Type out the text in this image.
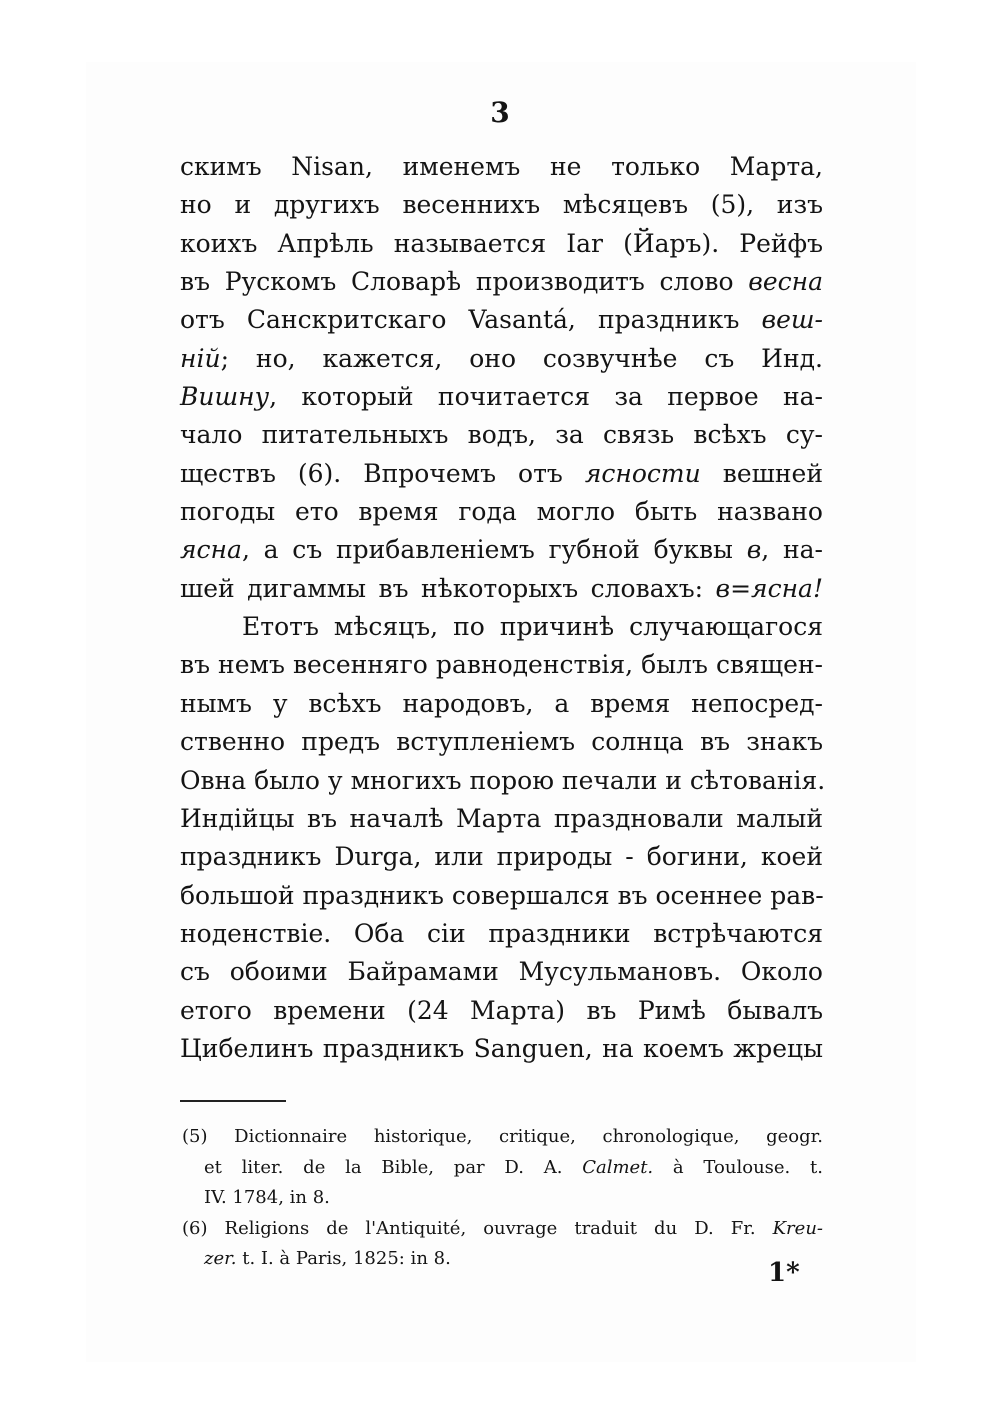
3
скимъ Nisan, именемъ не только Марта,
но и другихъ весеннихъ мѣсяцевъ (5), изъ
коихъ Апрѣль называется Iar (Йаръ). Рейфъ
въ Рускомъ Словарѣ производитъ слово весна
отъ Санскритскаго Vasantá, праздникъ веш-
ній; но, кажется, оно созвучнѣе съ Инд.
Вишну, который почитается за первое на-
чало питательныхъ водъ, за связь всѣхъ су-
ществъ (6). Впрочемъ отъ ясности вешней
погоды ето время года могло быть названо
ясна, а съ прибавленіемъ губной буквы в, на-
шей дигаммы въ нѣкоторыхъ словахъ: в=ясна!
Етотъ мѣсяцъ, по причинѣ случающагося
въ немъ весенняго равноденствія, былъ священ-
нымъ у всѣхъ народовъ, а время непосред-
ственно предъ вступленіемъ солнца въ знакъ
Овна было у многихъ порою печали и сѣтованія.
Индійцы въ началѣ Марта праздновали малый
праздникъ Durga, или природы - богини, коей
большой праздникъ совершался въ осеннее рав-
ноденствіе. Оба сіи праздники встрѣчаются
съ обоими Байрамами Мусульмановъ. Около
етого времени (24 Марта) въ Римѣ бывалъ
Цибелинъ праздникъ Sanguen, на коемъ жрецы
(5) Dictionnaire historique, critique, chronologique, geogr.
et liter. de la Bible, par D. A. Calmet. à Toulouse. t.
IV. 1784, in 8.
(6) Religions de l'Antiquité, ouvrage traduit du D. Fr. Kreu-
zer. t. I. à Paris, 1825: in 8.	1*
